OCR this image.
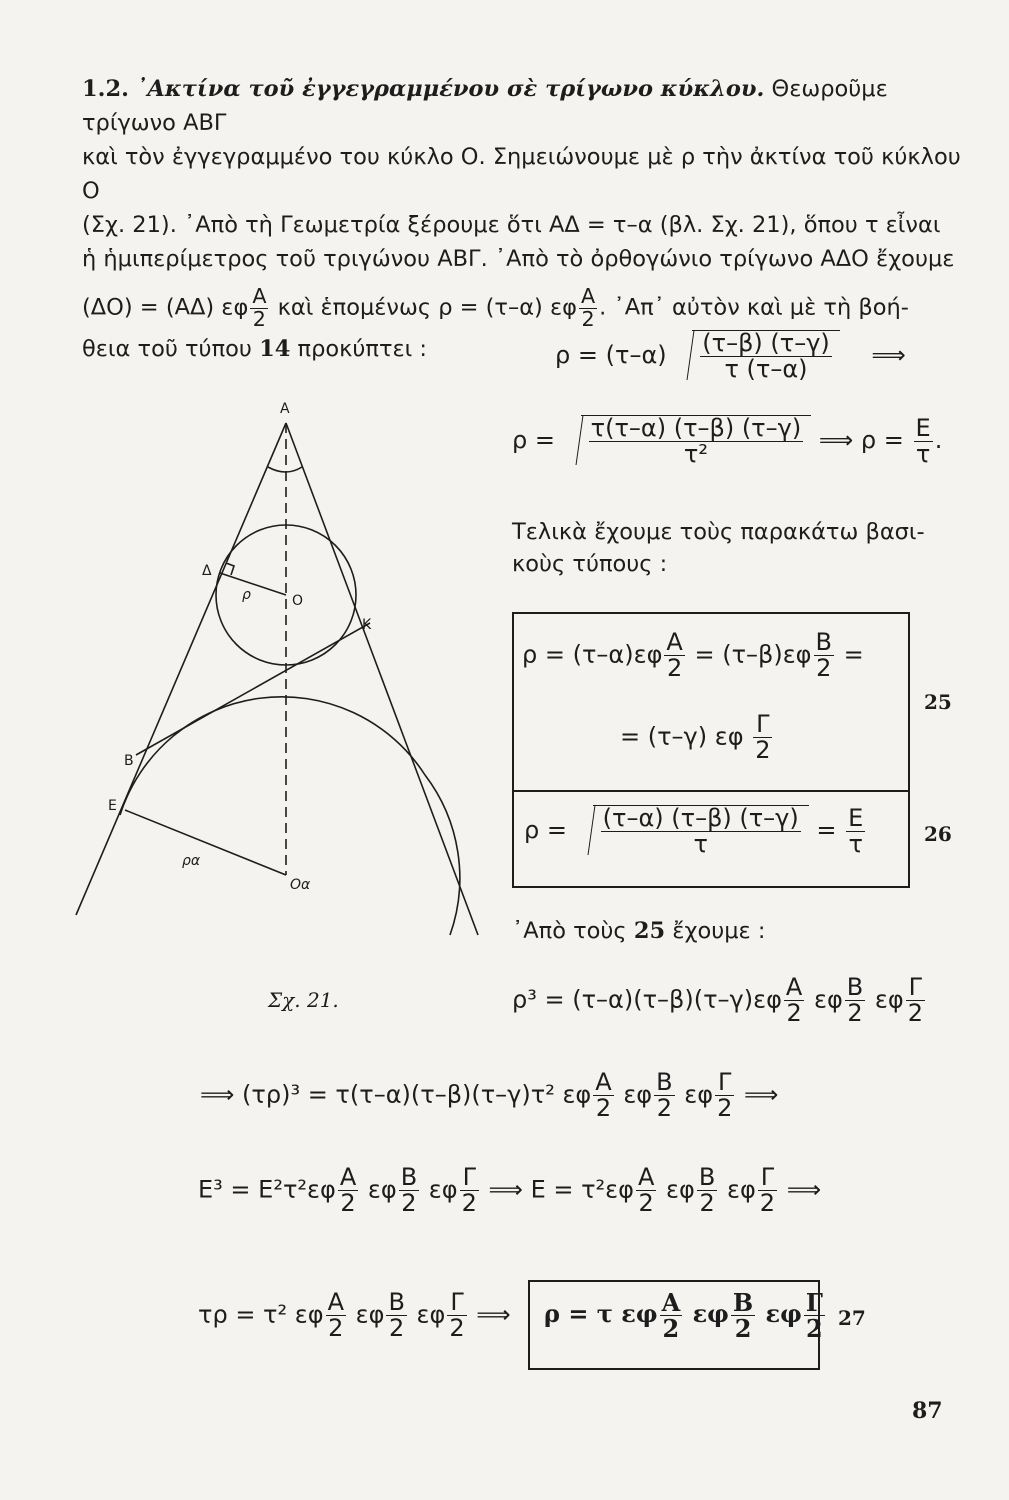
1.2. ᾿Ακτίνα τοῦ ἐγγεγραμμένου σὲ τρίγωνο κύκλου. Θεωροῦμε τρίγωνο ΑΒΓ
καὶ τὸν ἐγγεγραμμένο του κύκλο Ο. Σημειώνουμε μὲ ρ τὴν ἀκτίνα τοῦ κύκλου Ο
(Σχ. 21). ᾿Απὸ τὴ Γεωμετρία ξέρουμε ὅτι ΑΔ = τ–α (βλ. Σχ. 21), ὅπου τ εἶναι
ἡ ἡμιπερίμετρος τοῦ τριγώνου ΑΒΓ. ᾿Απὸ τὸ ὀρθογώνιο τρίγωνο ΑΔΟ ἔχουμε
(ΔΟ) = (ΑΔ) εφ $\frac{A}{2}$ καὶ ἑπομένως ρ = (τ–α) εφ $\frac{A}{2}$ . ᾿Απ᾿ αὐτὸν καὶ μὲ τὴ βοή-
θεια τοῦ τύπου 14 προκύπτει :	$\rho = (\tau-\alpha) \frac{(\tau-\beta) (\tau-\gamma)}{\tau (\tau-\alpha)}$ ⟹
$\rho = \frac{\tau(\tau-\alpha) (\tau-\beta) (\tau-\gamma)}{\text{τ²}}$ ⟹ $\rho = \frac{E}{\tau}$ .
Τελικὰ ἔχουμε τοὺς παρακάτω βασι-
κοὺς τύπους :
$\rho = (\tau-\alpha)\varepsilon\varphi \frac{A}{2} = (\tau-\beta)\varepsilon\varphi \frac{B}{2}$ =
= (τ–γ) εφ $\frac{\Gamma}{2}$
25
$\rho = \frac{(\tau-\alpha) (\tau-\beta) (\tau-\gamma)}{\tau} = \frac{E}{\tau}$	26
᾿Απὸ τοὺς 25 ἔχουμε :
A
Δ
O
K
ρ
B
E
ρα
Oα
Σχ. 21.	$\rho^3 = (\tau-\alpha)(\tau-\beta)(\tau-\gamma)\varepsilon\varphi \frac{A}{2}$ εφ $\frac{B}{2}$ εφ $\frac{\Gamma}{2}$
⟹ (τρ)³ = τ(τ–α)(τ–β)(τ–γ)τ² εφ $\frac{A}{2}$ εφ $\frac{B}{2}$ εφ $\frac{\Gamma}{2}$ ⟹
$E^3 = E^2\tau^2\varepsilon\varphi \frac{A}{2}$ εφ $\frac{B}{2}$ εφ $\frac{\Gamma}{2}$ ⟹ $E = \tau^2\varepsilon\varphi \frac{A}{2}$ εφ $\frac{B}{2}$ εφ $\frac{\Gamma}{2}$ ⟹
τρ = τ² εφ $\frac{A}{2}$ εφ $\frac{B}{2}$ εφ $\frac{\Gamma}{2}$ ⟹ ρ = τ εφ $\frac{A}{2}$ εφ $\frac{B}{2}$ εφ $\frac{\Gamma}{2} 27$
87
